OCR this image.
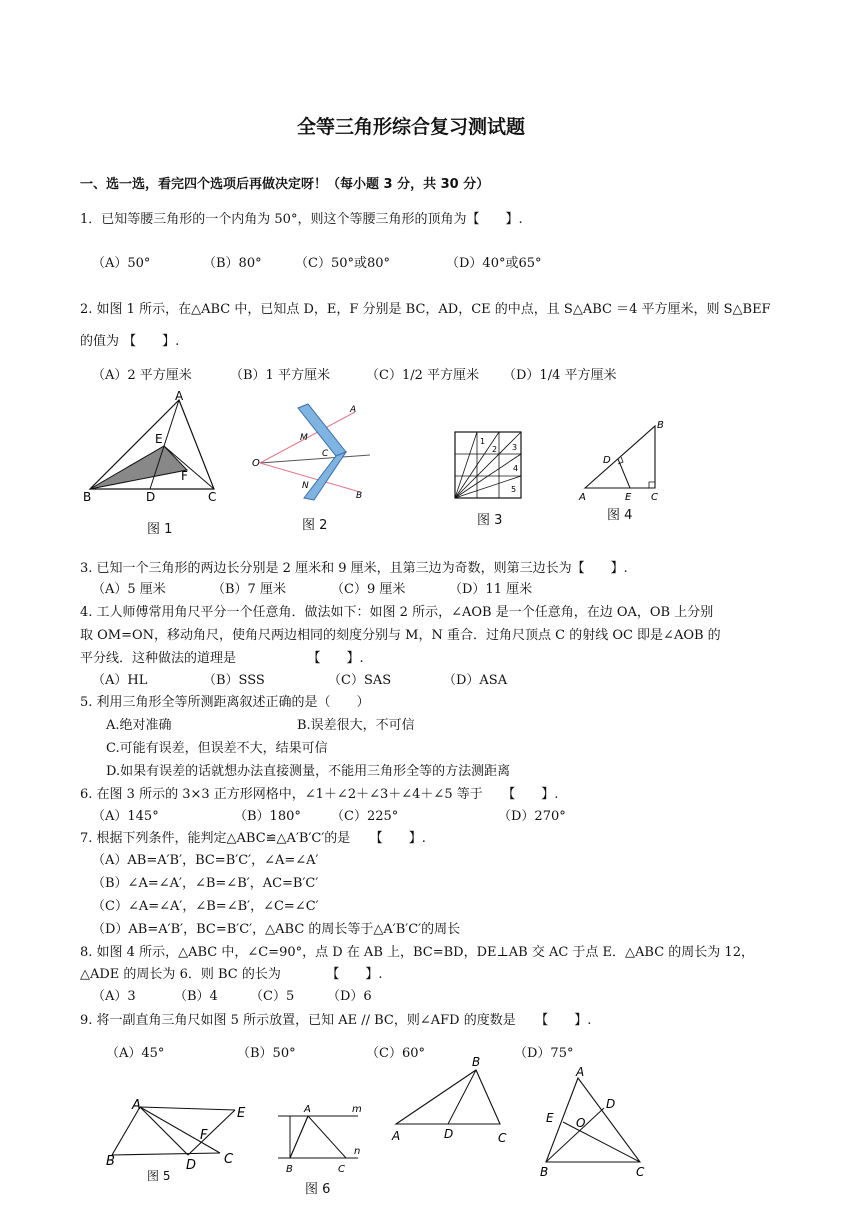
全等三角形综合复习测试题
一、选一选，看完四个选项后再做决定呀！（每小题 3 分，共 30 分）
1．已知等腰三角形的一个内角为 50°，则这个等腰三角形的顶角为【　　】.
（A）50°	（B）80°	（C）50°或80°	（D）40°或65°
2. 如图 1 所示，在△ABC 中，已知点 D，E，F 分别是 BC，AD，CE 的中点，且 S△ABC ＝4 平方厘米，则 S△BEF
的值为 【　　】.
（A）2 平方厘米	（B）1 平方厘米	（C）1/2 平方厘米 （D）1/4 平方厘米
A
B	D	C
E
F
图 1
O
A
B
C
M
N
图 2
1
2 3
4
5
图 3
B
D
A	E C
图 4
3. 已知一个三角形的两边长分别是 2 厘米和 9 厘米，且第三边为奇数，则第三边长为【　　】.
（A）5 厘米	（B）7 厘米	（C）9 厘米	（D）11 厘米
4. 工人师傅常用角尺平分一个任意角．做法如下：如图 2 所示，∠AOB 是一个任意角，在边 OA，OB 上分别
取 OM=ON，移动角尺，使角尺两边相同的刻度分别与 M，N 重合．过角尺顶点 C 的射线 OC 即是∠AOB 的
平分线．这种做法的道理是　　　　　　【　　】.
（A）HL	（B）SSS	（C）SAS	（D）ASA
5. 利用三角形全等所测距离叙述正确的是（　　）
A.绝对准确	B.误差很大，不可信
C.可能有误差，但误差不大，结果可信
D.如果有误差的话就想办法直接测量，不能用三角形全等的方法测距离
6. 在图 3 所示的 3×3 正方形网格中，∠1＋∠2＋∠3＋∠4＋∠5 等于　　【　　】.
（A）145°	（B）180° （C）225°	（D）270°
7. 根据下列条件，能判定△ABC≌△A′B′C′的是　　【　　】.
（A）AB=A′B′，BC=B′C′，∠A=∠A′
（B）∠A=∠A′，∠B=∠B′，AC=B′C′
（C）∠A=∠A′，∠B=∠B′，∠C=∠C′
（D）AB=A′B′，BC=B′C′，△ABC 的周长等于△A′B′C′的周长
8. 如图 4 所示，△ABC 中，∠C=90°，点 D 在 AB 上，BC=BD，DE⊥AB 交 AC 于点 E．△ABC 的周长为 12，
△ADE 的周长为 6．则 BC 的长为　　　　【　　】.
（A）3	（B）4 （C）5	（D）6
9. 将一副直角三角尺如图 5 所示放置，已知 AE // BC，则∠AFD 的度数是　　【　　】.
（A）45°	（B）50°	（C）60°	（D）75°
A
E
B	D C
F
图 5
A	m
n
B	C
图 6
B
A	D	C
A
D
E O
B	C
